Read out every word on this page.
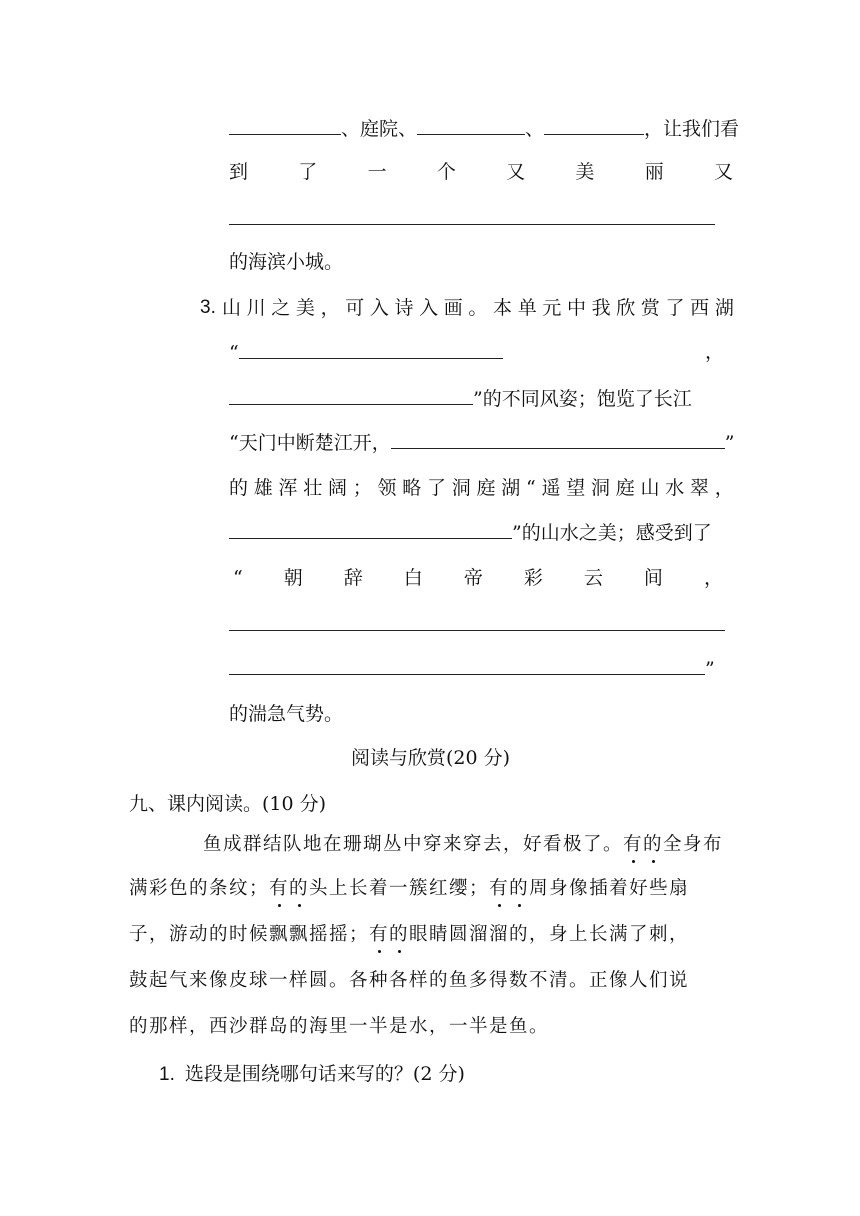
、庭院、	、	，让我们看
到	了	一	个	又	美	丽	又
的海滨小城。
3. 山 川 之 美 ， 可 入 诗 入 画 。 本 单 元 中 我 欣 赏 了 西 湖
“	，
”的不同风姿；饱览了长江
“天门中断楚江开，	”
的 雄 浑 壮 阔 ； 领 略 了 洞 庭 湖 “ 遥 望 洞 庭 山 水 翠 ，
”的山水之美；感受到了
“ 朝 辞 白 帝 彩 云 间 ，
”
的湍急气势。
阅读与欣赏(20 分)
九、课内阅读。(10 分)
鱼成群结队地在珊瑚丛中穿来穿去，好看极了。有的全身布
满彩色的条纹；有的头上长着一簇红缨；有的周身像插着好些扇
子，游动的时候飘飘摇摇；有的眼睛圆溜溜的，身上长满了刺，
鼓起气来像皮球一样圆。各种各样的鱼多得数不清。正像人们说
的那样，西沙群岛的海里一半是水，一半是鱼。
1. 选段是围绕哪句话来写的？(2 分)
